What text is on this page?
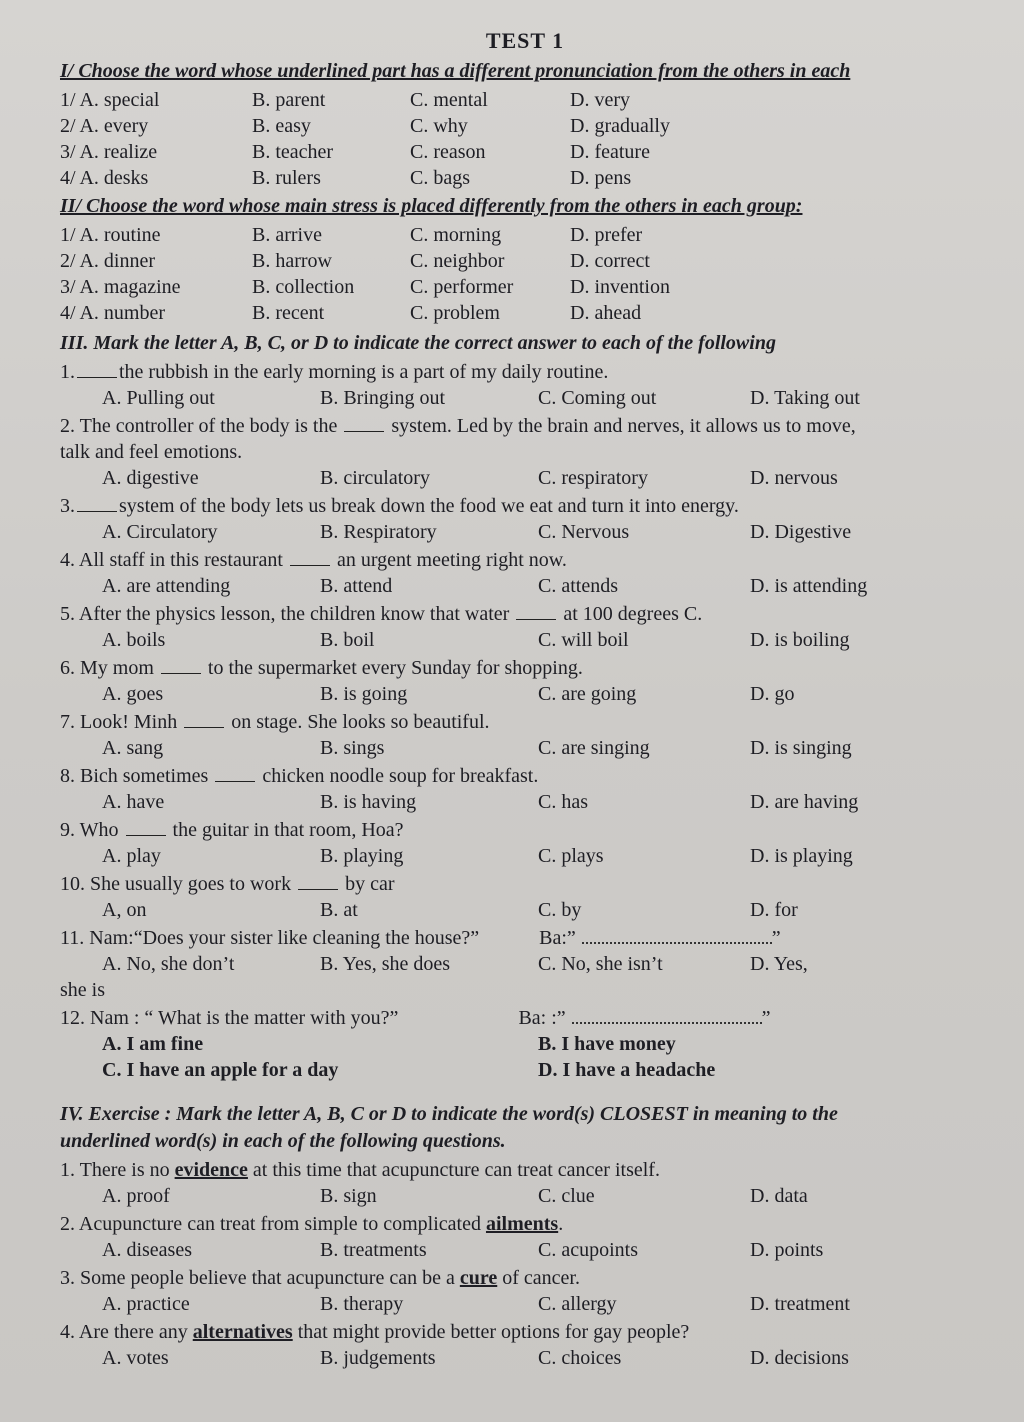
TEST 1
I/ Choose the word whose underlined part has a different pronunciation from the others in each
1/ A. special	B. parent	C. mental	D. very
2/ A. every	B. easy	C. why	D. gradually
3/ A. realize	B. teacher	C. reason	D. feature
4/ A. desks	B. rulers	C. bags	D. pens
II/ Choose the word whose main stress is placed differently from the others in each group:
1/ A. routine	B. arrive	C. morning	D. prefer
2/ A. dinner	B. harrow	C. neighbor	D. correct
3/ A. magazine	B. collection	C. performer	D. invention
4/ A. number	B. recent	C. problem	D. ahead
III. Mark the letter A, B, C, or D to indicate the correct answer to each of the following
1. the rubbish in the early morning is a part of my daily routine.
A. Pulling out	B. Bringing out	C. Coming out	D. Taking out
2. The controller of the body is the	system. Led by the brain and nerves, it allows us to move,
talk and feel emotions.
A. digestive	B. circulatory	C. respiratory	D. nervous
3. system of the body lets us break down the food we eat and turn it into energy.
A. Circulatory	B. Respiratory	C. Nervous	D. Digestive
4. All staff in this restaurant	an urgent meeting right now.
A. are attending	B. attend	C. attends	D. is attending
5. After the physics lesson, the children know that water	at 100 degrees C.
A. boils	B. boil	C. will boil	D. is boiling
6. My mom	to the supermarket every Sunday for shopping.
A. goes	B. is going	C. are going	D. go
7. Look! Minh	on stage. She looks so beautiful.
A. sang	B. sings	C. are singing	D. is singing
8. Bich sometimes	chicken noodle soup for breakfast.
A. have	B. is having	C. has	D. are having
9. Who	the guitar in that room, Hoa?
A. play	B. playing	C. plays	D. is playing
10. She usually goes to work	by car
A, on	B. at	C. by	D. for
11. Nam:“Does your sister like cleaning the house?”	Ba:”	”
A. No, she don’t	B. Yes, she does	C. No, she isn’t	D. Yes,
she is
12. Nam : “ What is the matter with you?”	Ba: :”	”
A. I am fine	B. I have money
C. I have an apple for a day	D. I have a headache
IV. Exercise : Mark the letter A, B, C or D to indicate the word(s) CLOSEST in meaning to the
underlined word(s) in each of the following questions.
1. There is no evidence at this time that acupuncture can treat cancer itself.
A. proof	B. sign	C. clue	D. data
2. Acupuncture can treat from simple to complicated ailments.
A. diseases	B. treatments	C. acupoints	D. points
3. Some people believe that acupuncture can be a cure of cancer.
A. practice	B. therapy	C. allergy	D. treatment
4. Are there any alternatives that might provide better options for gay people?
A. votes	B. judgements	C. choices	D. decisions
